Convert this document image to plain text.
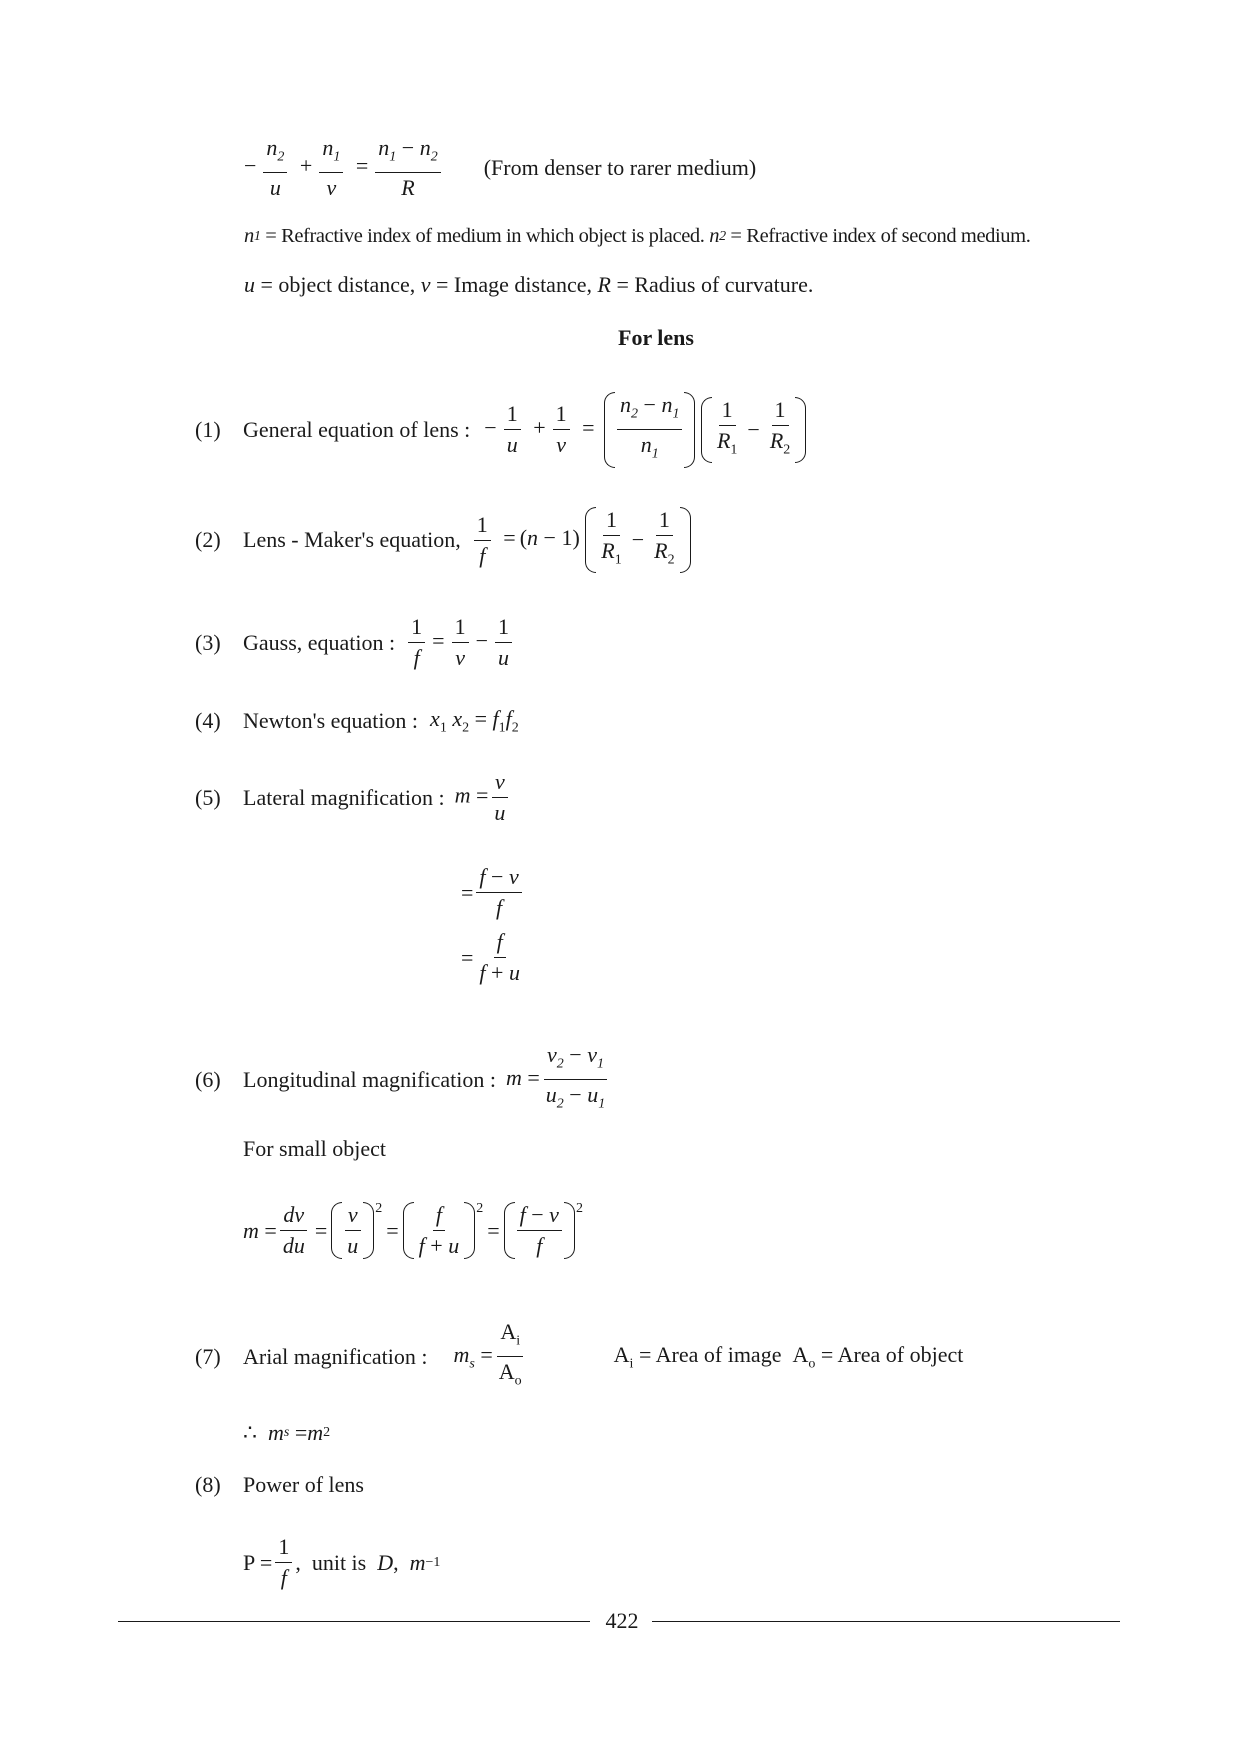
− $\frac{n_2}{u} + \frac{n_1}{v} = \frac{n_1 - n_2}{R}$ (From denser to rarer medium)
n 1
= Refractive index of medium in which object is placed.
n 2
= Refractive index of second medium.
u
= object distance,
v
= Image distance,
R
= Radius of curvature.
For lens
(1)	General equation of lens : − $\frac{1}{u} + \frac{1}{v} = \frac{n_2 - n_1}{n_1}$
$\frac{1}{R_1} - \frac{1}{R_2}$
(2)	Lens - Maker's equation, $\frac{1}{f} = (n - 1) \frac{1}{R_1} - \frac{1}{R_2}$
(3)	Gauss, equation : $\frac{1}{f} = \frac{1}{v} - \frac{1}{u}$
(4)	Newton's equation : $x_1$ $x_2 = f_1f_2$
(5)	Lateral magnification : $m = \frac{v}{u}$
= $\frac{f - v}{f}$
= $\frac{f}{f + u}$
(6)	Longitudinal magnification : $m = \frac{v_2 - v_1}{u_2 - u_1}$
For small object
$m = \frac{dv}{du} = \frac{v}{u} 2$
= $\frac{f}{f + u} 2$
= $\frac{f - v}{f} 2$
(7)	Arial magnification : $m_s = \frac{A_i}{A_o}$	$A_i$ = Area of image  $A_o$ = Area of object
∴ m s = m 2
(8)	Power of lens
$P = \frac{1}{f}$ , unit is
D , m −1
422
